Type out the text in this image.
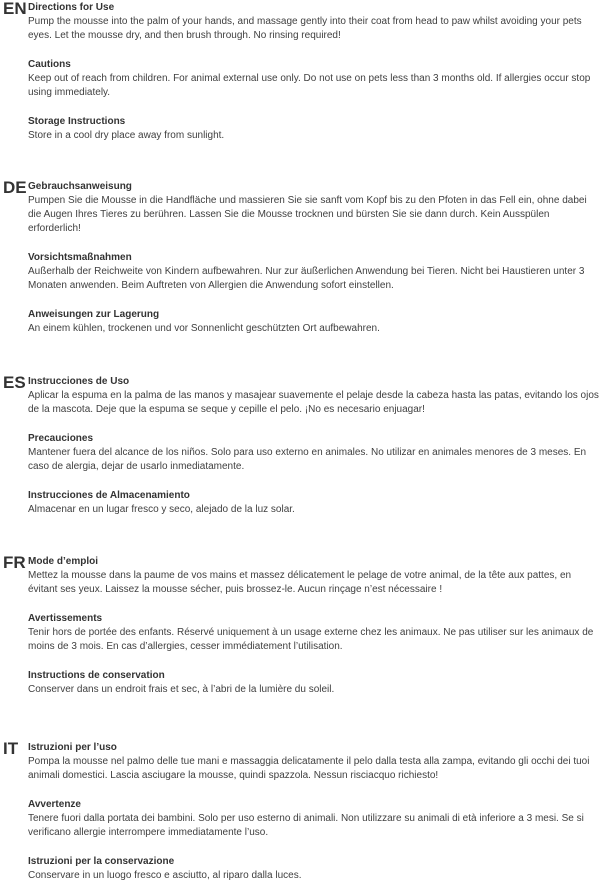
EN Directions for Use

Pump the mousse into the palm of your hands, and massage gently into their coat from head to paw whilst avoiding your pets eyes. Let the mousse dry, and then brush through. No rinsing required!

Cautions

Keep out of reach from children. For animal external use only. Do not use on pets less than 3 months old. If allergies occur stop using immediately.

Storage Instructions

Store in a cool dry place away from sunlight.

DE Gebrauchsanweisung

Pumpen Sie die Mousse in die Handfläche und massieren Sie sie sanft vom Kopf bis zu den Pfoten in das Fell ein, ohne dabei die Augen Ihres Tieres zu berühren. Lassen Sie die Mousse trocknen und bürsten Sie sie dann durch. Kein Ausspülen erforderlich!

Vorsichtsmaßnahmen

Außerhalb der Reichweite von Kindern aufbewahren. Nur zur äußerlichen Anwendung bei Tieren. Nicht bei Haustieren unter 3 Monaten anwenden. Beim Auftreten von Allergien die Anwendung sofort einstellen.

Anweisungen zur Lagerung

An einem kühlen, trockenen und vor Sonnenlicht geschützten Ort aufbewahren.

ES Instrucciones de Uso

Aplicar la espuma en la palma de las manos y masajear suavemente el pelaje desde la cabeza hasta las patas, evitando los ojos de la mascota. Deje que la espuma se seque y cepille el pelo. ¡No es necesario enjuagar!

Precauciones

Mantener fuera del alcance de los niños. Solo para uso externo en animales. No utilizar en animales menores de 3 meses. En caso de alergia, dejar de usarlo inmediatamente.

Instrucciones de Almacenamiento

Almacenar en un lugar fresco y seco, alejado de la luz solar.

FR Mode d’emploi

Mettez la mousse dans la paume de vos mains et massez délicatement le pelage de votre animal, de la tête aux pattes, en évitant ses yeux. Laissez la mousse sécher, puis brossez-le. Aucun rinçage n’est nécessaire !

Avertissements

Tenir hors de portée des enfants. Réservé uniquement à un usage externe chez les animaux. Ne pas utiliser sur les animaux de moins de 3 mois. En cas d’allergies, cesser immédiatement l’utilisation.

Instructions de conservation

Conserver dans un endroit frais et sec, à l’abri de la lumière du soleil.

IT Istruzioni per l’uso

Pompa la mousse nel palmo delle tue mani e massaggia delicatamente il pelo dalla testa alla zampa, evitando gli occhi dei tuoi animali domestici. Lascia asciugare la mousse, quindi spazzola. Nessun risciacquo richiesto!

Avvertenze

Tenere fuori dalla portata dei bambini. Solo per uso esterno di animali. Non utilizzare su animali di età inferiore a 3 mesi. Se si verificano allergie interrompere immediatamente l’uso.

Istruzioni per la conservazione

Conservare in un luogo fresco e asciutto, al riparo dalla luces.
